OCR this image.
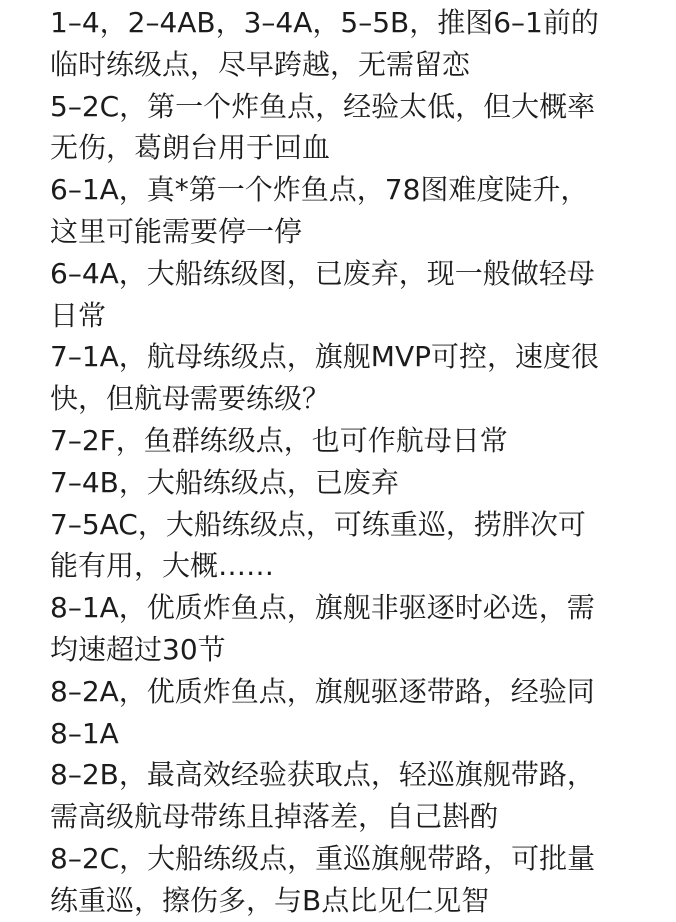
1–4，2–4AB，3–4A，5–5B，推图6–1前的
临时练级点，尽早跨越，无需留恋
5–2C，第一个炸鱼点，经验太低，但大概率
无伤，葛朗台用于回血
6–1A，真*第一个炸鱼点，78图难度陡升，
这里可能需要停一停
6–4A，大船练级图，已废弃，现一般做轻母
日常
7–1A，航母练级点，旗舰MVP可控，速度很
快，但航母需要练级？
7–2F，鱼群练级点，也可作航母日常
7–4B，大船练级点，已废弃
7–5AC，大船练级点，可练重巡，捞胖次可
能有用，大概……
8–1A，优质炸鱼点，旗舰非驱逐时必选，需
均速超过30节
8–2A，优质炸鱼点，旗舰驱逐带路，经验同
8–1A
8–2B，最高效经验获取点，轻巡旗舰带路，
需高级航母带练且掉落差，自己斟酌
8–2C，大船练级点，重巡旗舰带路，可批量
练重巡，擦伤多，与B点比见仁见智
